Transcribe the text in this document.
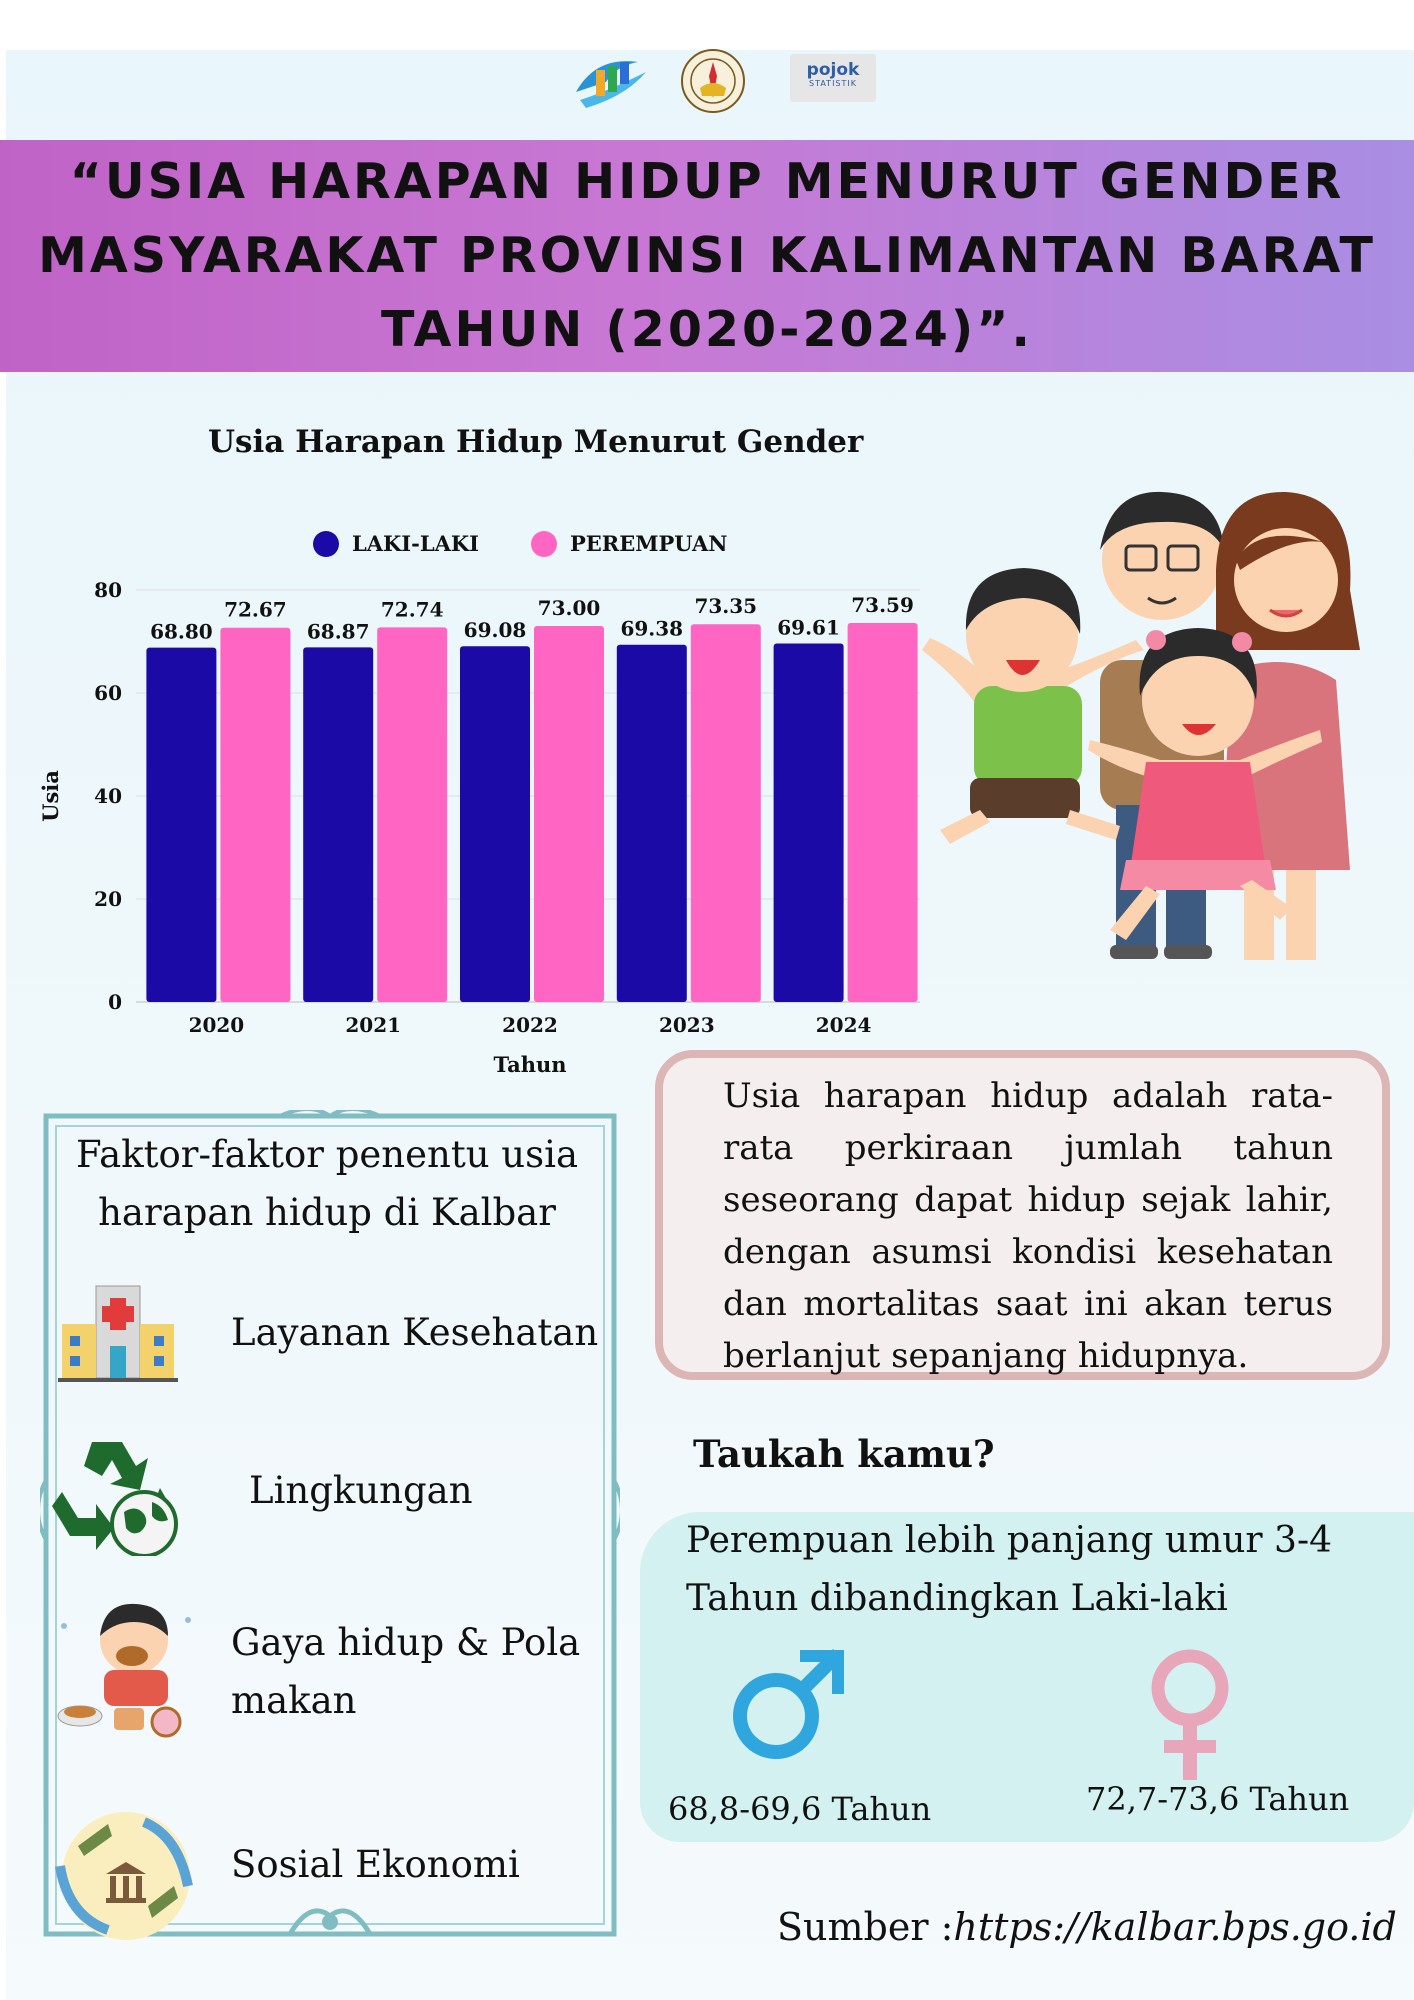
pojok
STATISTIK
“USIA HARAPAN HIDUP MENURUT GENDER
MASYARAKAT PROVINSI KALIMANTAN BARAT
TAHUN (2020-2024)”.
Usia Harapan Hidup Menurut Gender
0
20
40
60
80
Usia
Tahun
LAKI-LAKI	PEREMPUAN
68.80
72.67
2020
68.87
72.74
2021
69.08
73.00
2022
69.38
73.35
2023
69.61
73.59
2024
Usia harapan hidup adalah rata-rata perkiraan jumlah tahun seseorang dapat hidup sejak lahir, dengan asumsi kondisi kesehatan dan mortalitas saat ini akan terus berlanjut sepanjang hidupnya.
Taukah kamu?
Perempuan lebih panjang umur 3-4 Tahun dibandingkan Laki-laki
68,8-69,6 Tahun	72,7-73,6 Tahun
Faktor-faktor penentu usia harapan hidup di Kalbar
Layanan Kesehatan
Lingkungan
Gaya hidup & Pola makan
Sosial Ekonomi
Sumber :https://kalbar.bps.go.id
